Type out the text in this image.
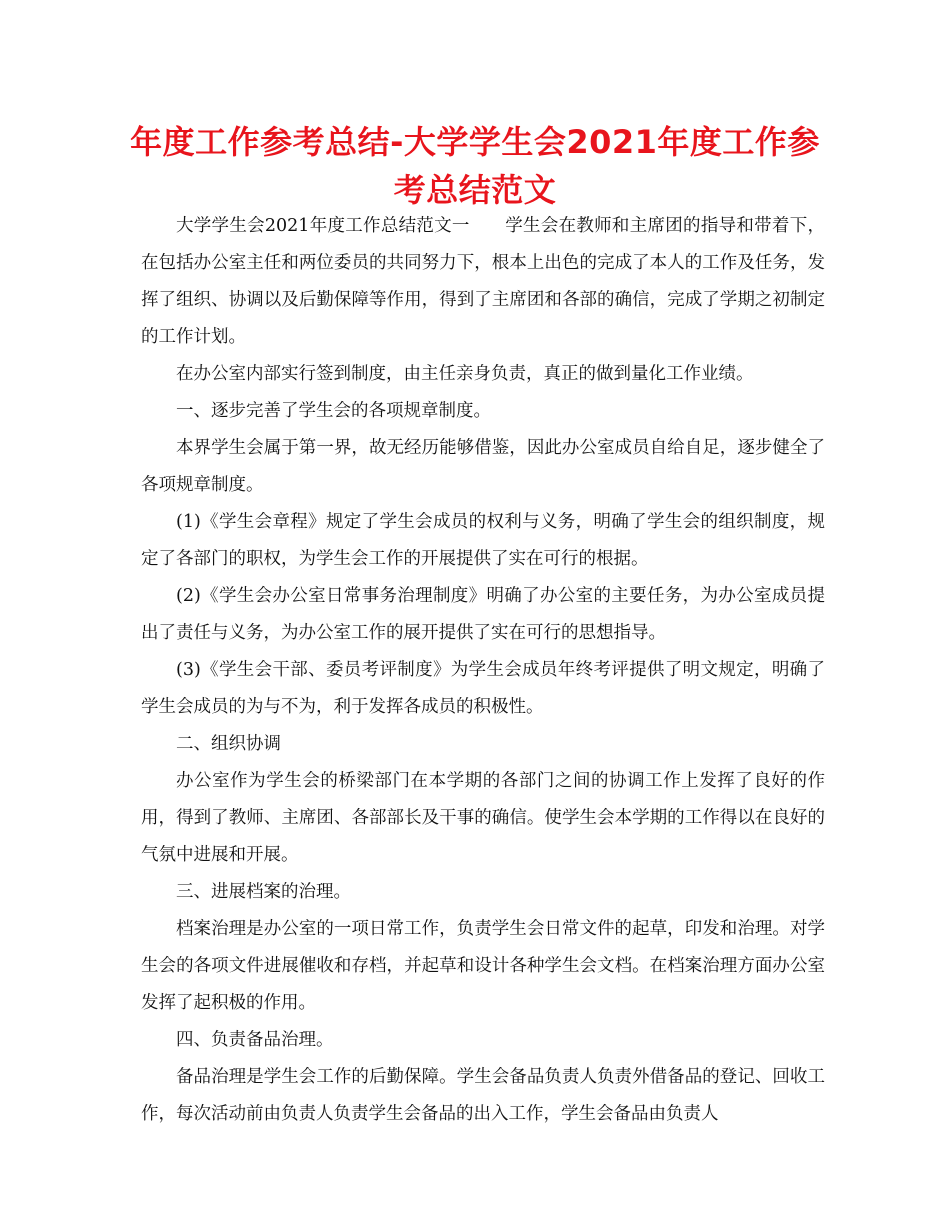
年度工作参考总结-大学学生会2021年度工作参考总结范文

大学学生会2021年度工作总结范文一　　学生会在教师和主席团的指导和带着下，在包括办公室主任和两位委员的共同努力下，根本上出色的完成了本人的工作及任务，发挥了组织、协调以及后勤保障等作用，得到了主席团和各部的确信，完成了学期之初制定的工作计划。

在办公室内部实行签到制度，由主任亲身负责，真正的做到量化工作业绩。

一、逐步完善了学生会的各项规章制度。

本界学生会属于第一界，故无经历能够借鉴，因此办公室成员自给自足，逐步健全了各项规章制度。

(1)《学生会章程》规定了学生会成员的权利与义务，明确了学生会的组织制度，规定了各部门的职权，为学生会工作的开展提供了实在可行的根据。

(2)《学生会办公室日常事务治理制度》明确了办公室的主要任务，为办公室成员提出了责任与义务，为办公室工作的展开提供了实在可行的思想指导。

(3)《学生会干部、委员考评制度》为学生会成员年终考评提供了明文规定，明确了学生会成员的为与不为，利于发挥各成员的积极性。

二、组织协调

办公室作为学生会的桥梁部门在本学期的各部门之间的协调工作上发挥了良好的作用，得到了教师、主席团、各部部长及干事的确信。使学生会本学期的工作得以在良好的气氛中进展和开展。

三、进展档案的治理。

档案治理是办公室的一项日常工作，负责学生会日常文件的起草，印发和治理。对学生会的各项文件进展催收和存档，并起草和设计各种学生会文档。在档案治理方面办公室发挥了起积极的作用。

四、负责备品治理。

备品治理是学生会工作的后勤保障。学生会备品负责人负责外借备品的登记、回收工作，每次活动前由负责人负责学生会备品的出入工作，学生会备品由负责人
